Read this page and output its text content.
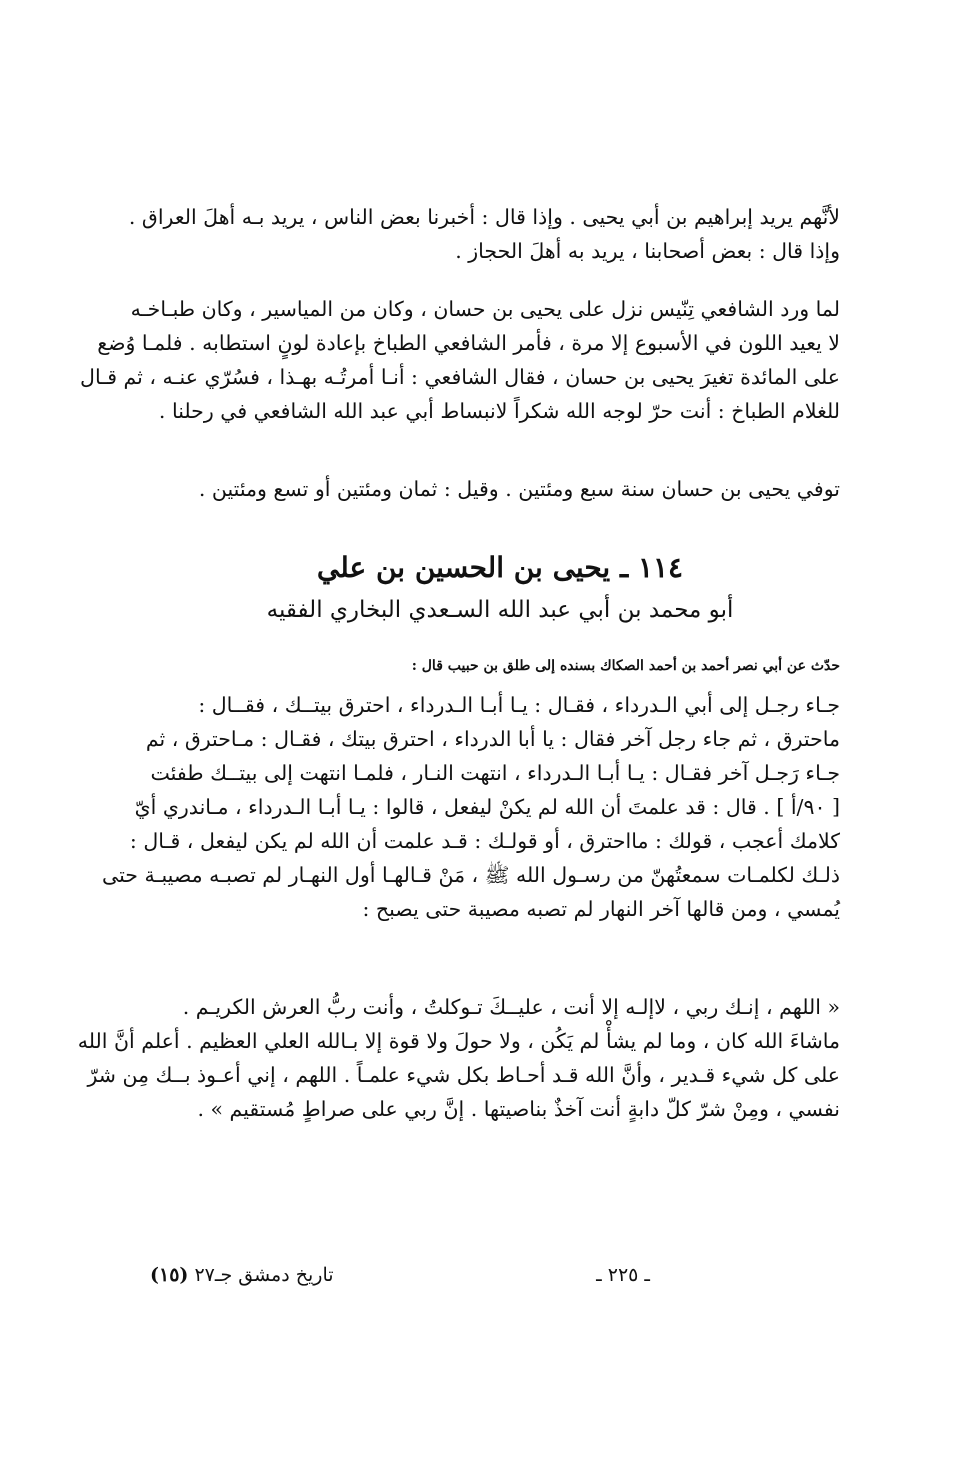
لأنَّهم يريد إبراهيم بن أبي يحيى . وإذا قال : أخبرنا بعض الناس ، يريد بـه أهلَ العراق .
وإذا قال : بعض أصحابنا ، يريد به أهلَ الحجاز .
لما ورد الشافعي تِنّيس نزل على يحيى بن حسان ، وكان من المياسير ، وكان طبـاخـه
لا يعيد اللون في الأسبوع إلا مرة ، فأمر الشافعي الطباخ بإعادة لونٍ استطابه . فلمـا وُضع
على المائدة تغيرَ يحيى بن حسان ، فقال الشافعي : أنـا أمرتُـه بهـذا ، فسُرّي عنـه ، ثم قـال
للغلام الطباخ : أنت حرّ لوجه الله شكراً لانبساط أبي عبد الله الشافعي في رحلنا .
توفي يحيى بن حسان سنة سبع ومئتين . وقيل : ثمان ومئتين أو تسع ومئتين .
١١٤ ـ يحيى بن الحسين بن علي
أبو محمد بن أبي عبد الله السـعدي البخاري الفقيه
حدّث عن أبي نصر أحمد بن أحمد الصكاك بسنده إلى طلق بن حبيب قال :
جـاء رجـل إلى أبي الـدرداء ، فقـال : يـا أبـا الـدرداء ، احترق بيتــك ، فقــال :
ماحترق ، ثم جاء رجل آخر فقال : يا أبا الدرداء ، احترق بيتك ، فقـال : مـاحترق ، ثم
جـاء رَجـل آخر فقـال : يـا أبـا الـدرداء ، انتهت النـار ، فلمـا انتهت إلى بيتــك طفئت
[ ٩٠/أ ] . قال : قد علمتَ أن الله لم يكنْ ليفعل ، قالوا : يـا أبـا الـدرداء ، مـاندري أيّ
كلامك أعجب ، قولك : مااحترق ، أو قولـك : قـد علمت أن الله لم يكن ليفعل ، قـال :
ذلـك لكلمـات سمعتُهنّ من رسـول الله ﷺ ، مَنْ قـالهـا أول النهـار لم تصبـه مصيبـة حتى
يُمسي ، ومن قالها آخر النهار لم تصبه مصيبة حتى يصبح :
« اللهم ، إنـك ربي ، لاإلـه إلا أنت ، عليــكَ تـوكلتُ ، وأنت ربُّ العرش الكريـم .
ماشاءَ الله كان ، وما لم يشأْ لم يَكُن ، ولا حولَ ولا قوة إلا بـالله العلي العظيم . أعلم أنَّ الله
على كل شيء قـدير ، وأنَّ الله قـد أحـاط بكل شيء علمـاً . اللهم ، إني أعـوذ بــك مِن شرّ
نفسي ، ومِنْ شرّ كلّ دابةٍ أنت آخذٌ بناصيتها . إنَّ ربي على صراطٍ مُستقيم » .
ـ ٢٢٥ ـ
تاريخ دمشق جـ٢٧ (١٥)
